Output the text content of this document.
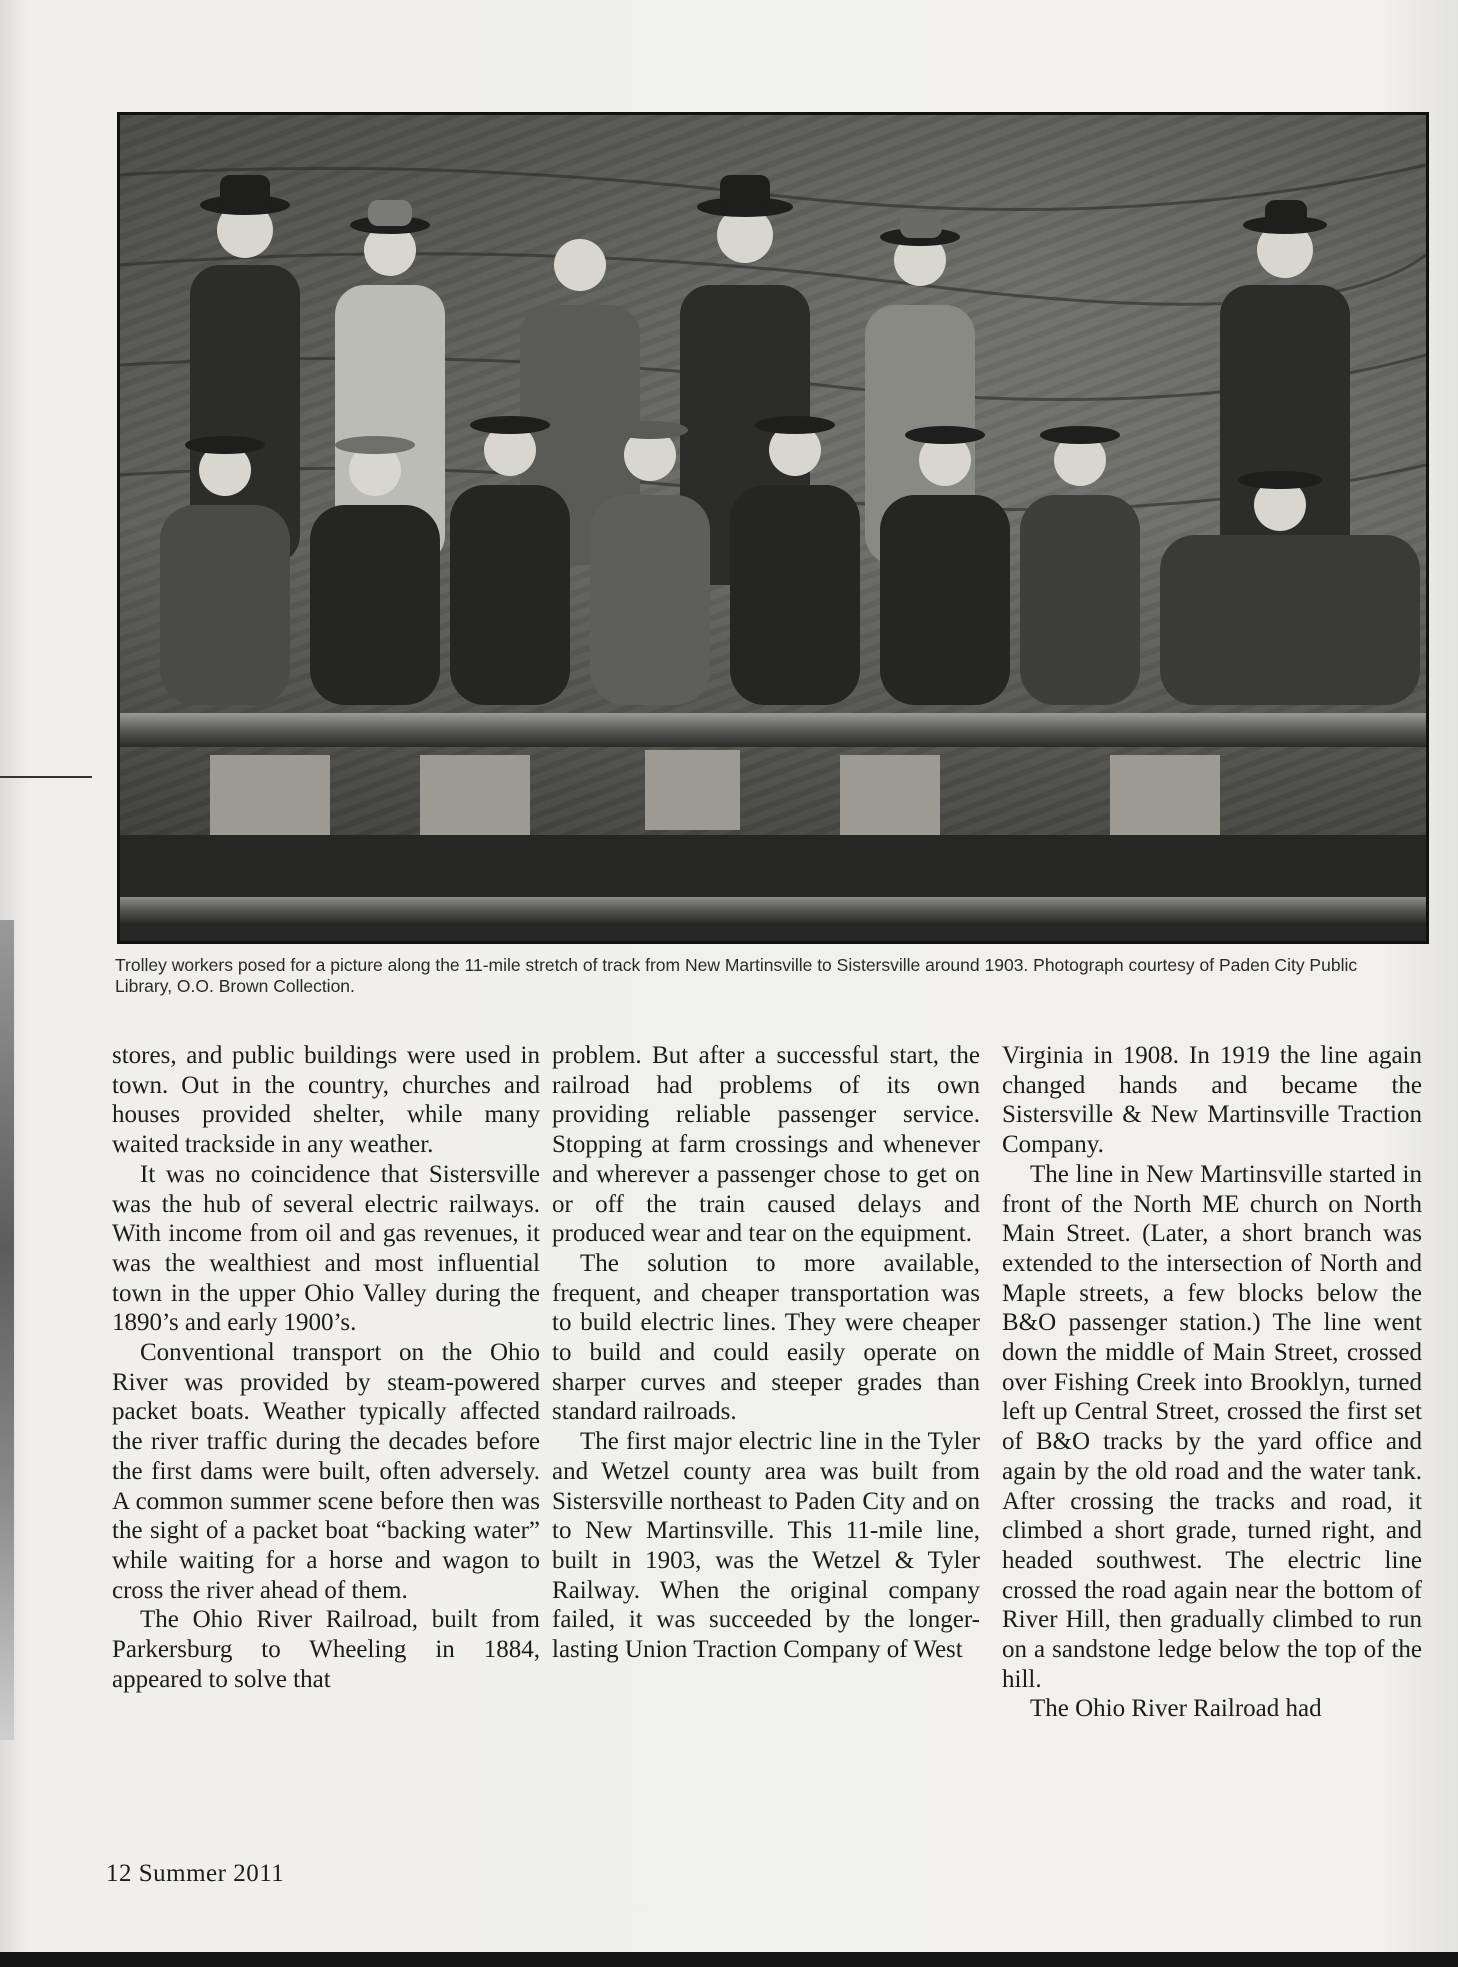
Trolley workers posed for a picture along the 11-mile stretch of track from New Martinsville to Sistersville around 1903. Photograph courtesy of Paden City Public Library, O.O. Brown Collection.

stores, and public buildings were used in town. Out in the country, churches and houses provided shelter, while many waited trackside in any weather.

It was no coincidence that Sistersville was the hub of several electric railways. With income from oil and gas revenues, it was the wealthiest and most influential town in the upper Ohio Valley during the 1890’s and early 1900’s.

Conventional transport on the Ohio River was provided by steam-powered packet boats. Weather typically affected the river traffic during the decades before the first dams were built, often adversely. A common summer scene before then was the sight of a packet boat “backing water” while waiting for a horse and wagon to cross the river ahead of them.

The Ohio River Railroad, built from Parkersburg to Wheeling in 1884, appeared to solve that

problem. But after a successful start, the railroad had problems of its own providing reliable passenger service. Stopping at farm crossings and whenever and wherever a passenger chose to get on or off the train caused delays and produced wear and tear on the equipment.

The solution to more available, frequent, and cheaper transportation was to build electric lines. They were cheaper to build and could easily operate on sharper curves and steeper grades than standard railroads.

The first major electric line in the Tyler and Wetzel county area was built from Sistersville northeast to Paden City and on to New Martinsville. This 11-mile line, built in 1903, was the Wetzel & Tyler Railway. When the original company failed, it was succeeded by the longer-lasting Union Traction Company of West

Virginia in 1908. In 1919 the line again changed hands and became the Sistersville & New Martinsville Traction Company.

The line in New Martinsville started in front of the North ME church on North Main Street. (Later, a short branch was extended to the intersection of North and Maple streets, a few blocks below the B&O passenger station.) The line went down the middle of Main Street, crossed over Fishing Creek into Brooklyn, turned left up Central Street, crossed the first set of B&O tracks by the yard office and again by the old road and the water tank. After crossing the tracks and road, it climbed a short grade, turned right, and headed southwest. The electric line crossed the road again near the bottom of River Hill, then gradually climbed to run on a sandstone ledge below the top of the hill.

The Ohio River Railroad had

12 Summer 2011
